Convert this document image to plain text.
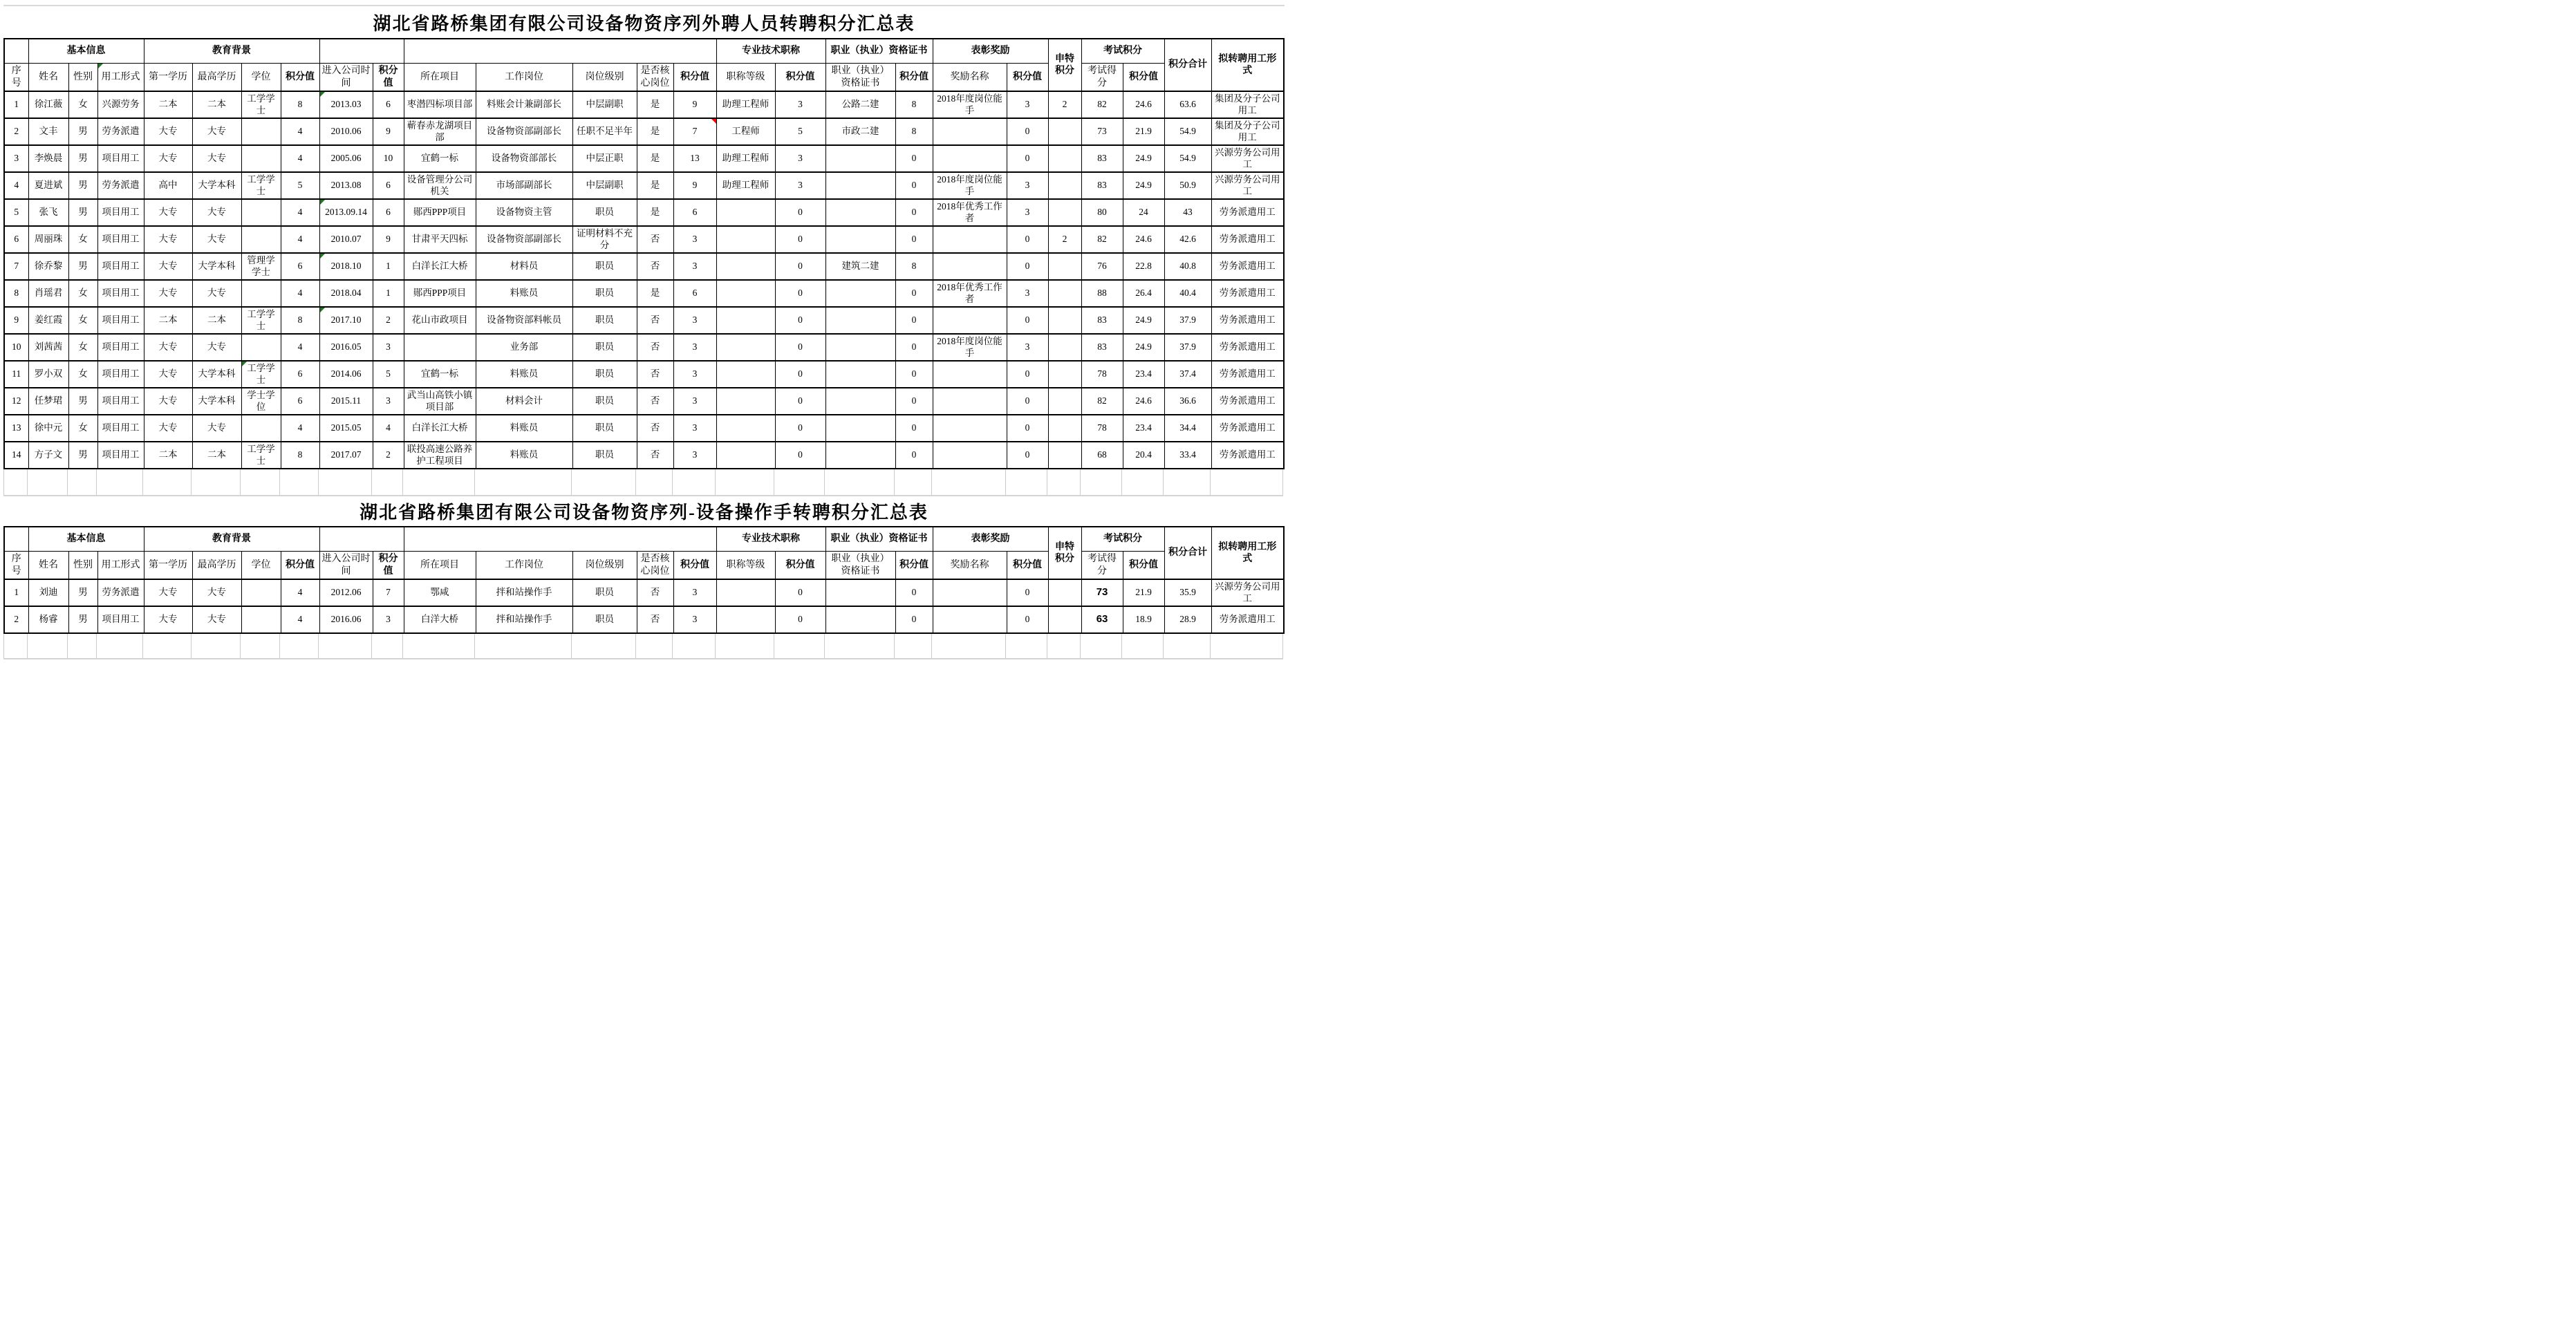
湖北省路桥集团有限公司设备物资序列外聘人员转聘积分汇总表
	基本信息			教育背景											专业技术职称		职业（执业）资格证书		表彰奖励		申特积分	考试积分		积分合计	拟转聘用工形式
序号	姓名	性别	用工形式	第一学历	最高学历	学位	积分值	进入公司时间	积分值	所在项目	工作岗位	岗位级别	是否核心岗位	积分值	职称等级	积分值	职业（执业）资格证书	积分值	奖励名称	积分值		考试得分	积分值		
1	徐江薇	女	兴源劳务	二本	二本	工学学士	8	2013.03	6	枣潜四标项目部	料账会计兼副部长	中层副职	是	9	助理工程师	3	公路二建	8	2018年度岗位能手	3	2	82	24.6	63.6	集团及分子公司用工
2	文丰	男	劳务派遣	大专	大专		4	2010.06	9	蕲春赤龙湖项目部	设备物资部副部长	任职不足半年	是	7	工程师	5	市政二建	8		0		73	21.9	54.9	集团及分子公司用工
3	李焕晨	男	项目用工	大专	大专		4	2005.06	10	宜鹤一标	设备物资部部长	中层正职	是	13	助理工程师	3		0		0		83	24.9	54.9	兴源劳务公司用工
4	夏进斌	男	劳务派遣	高中	大学本科	工学学士	5	2013.08	6	设备管理分公司机关	市场部副部长	中层副职	是	9	助理工程师	3		0	2018年度岗位能手	3		83	24.9	50.9	兴源劳务公司用工
5	张飞	男	项目用工	大专	大专		4	2013.09.14	6	郧西PPP项目	设备物资主管	职员	是	6		0		0	2018年优秀工作者	3		80	24	43	劳务派遣用工
6	周丽珠	女	项目用工	大专	大专		4	2010.07	9	甘肃平天四标	设备物资部副部长	证明材料不充分	否	3		0		0		0	2	82	24.6	42.6	劳务派遣用工
7	徐乔黎	男	项目用工	大专	大学本科	管理学学士	6	2018.10	1	白洋长江大桥	材料员	职员	否	3		0	建筑二建	8		0		76	22.8	40.8	劳务派遣用工
8	肖瑶君	女	项目用工	大专	大专		4	2018.04	1	郧西PPP项目	料账员	职员	是	6		0		0	2018年优秀工作者	3		88	26.4	40.4	劳务派遣用工
9	姜红霞	女	项目用工	二本	二本	工学学士	8	2017.10	2	花山市政项目	设备物资部料帐员	职员	否	3		0		0		0		83	24.9	37.9	劳务派遣用工
10	刘茜茜	女	项目用工	大专	大专		4	2016.05	3		业务部	职员	否	3		0		0	2018年度岗位能手	3		83	24.9	37.9	劳务派遣用工
11	罗小双	女	项目用工	大专	大学本科	工学学士	6	2014.06	5	宜鹤一标	料账员	职员	否	3		0		0		0		78	23.4	37.4	劳务派遣用工
12	任梦珺	男	项目用工	大专	大学本科	学士学位	6	2015.11	3	武当山高铁小镇项目部	材料会计	职员	否	3		0		0		0		82	24.6	36.6	劳务派遣用工
13	徐中元	女	项目用工	大专	大专		4	2015.05	4	白洋长江大桥	料账员	职员	否	3		0		0		0		78	23.4	34.4	劳务派遣用工
14	方子文	男	项目用工	二本	二本	工学学士	8	2017.07	2	联投高速公路养护工程项目	料账员	职员	否	3		0		0		0		68	20.4	33.4	劳务派遣用工
湖北省路桥集团有限公司设备物资序列-设备操作手转聘积分汇总表
	基本信息			教育背景											专业技术职称		职业（执业）资格证书		表彰奖励		申特积分	考试积分		积分合计	拟转聘用工形式
序号	姓名	性别	用工形式	第一学历	最高学历	学位	积分值	进入公司时间	积分值	所在项目	工作岗位	岗位级别	是否核心岗位	积分值	职称等级	积分值	职业（执业）资格证书	积分值	奖励名称	积分值		考试得分	积分值		
1	刘迪	男	劳务派遣	大专	大专		4	2012.06	7	鄂咸	拌和站操作手	职员	否	3		0		0		0		73	21.9	35.9	兴源劳务公司用工
2	杨睿	男	项目用工	大专	大专		4	2016.06	3	白洋大桥	拌和站操作手	职员	否	3		0		0		0		63	18.9	28.9	劳务派遣用工
